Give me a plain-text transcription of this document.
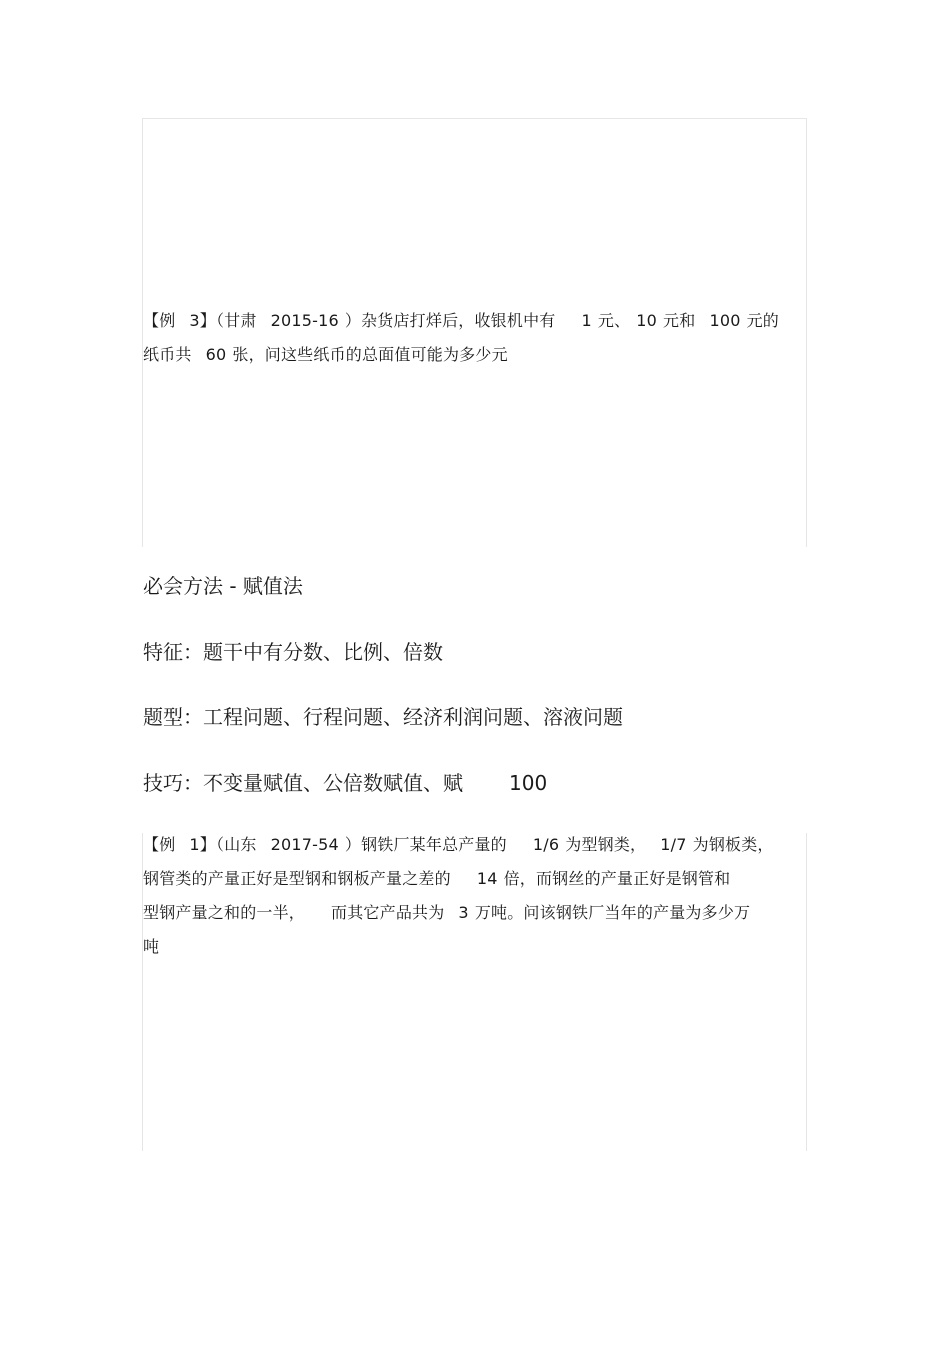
【例 3】（甘肃 2015-16 ）杂货店打烊后，收银机中有 1 元、 10 元和 100 元的
纸币共 60 张，问这些纸币的总面值可能为多少元
必会方法 - 赋值法
特征：题干中有分数、比例、倍数
题型：工程问题、行程问题、经济利润问题、溶液问题
技巧：不变量赋值、公倍数赋值、赋 100
【例 1】（山东 2017-54 ）钢铁厂某年总产量的 1/6 为型钢类， 1/7 为钢板类，
钢管类的产量正好是型钢和钢板产量之差的 14 倍，而钢丝的产量正好是钢管和
型钢产量之和的一半， 而其它产品共为 3 万吨。问该钢铁厂当年的产量为多少万
吨
